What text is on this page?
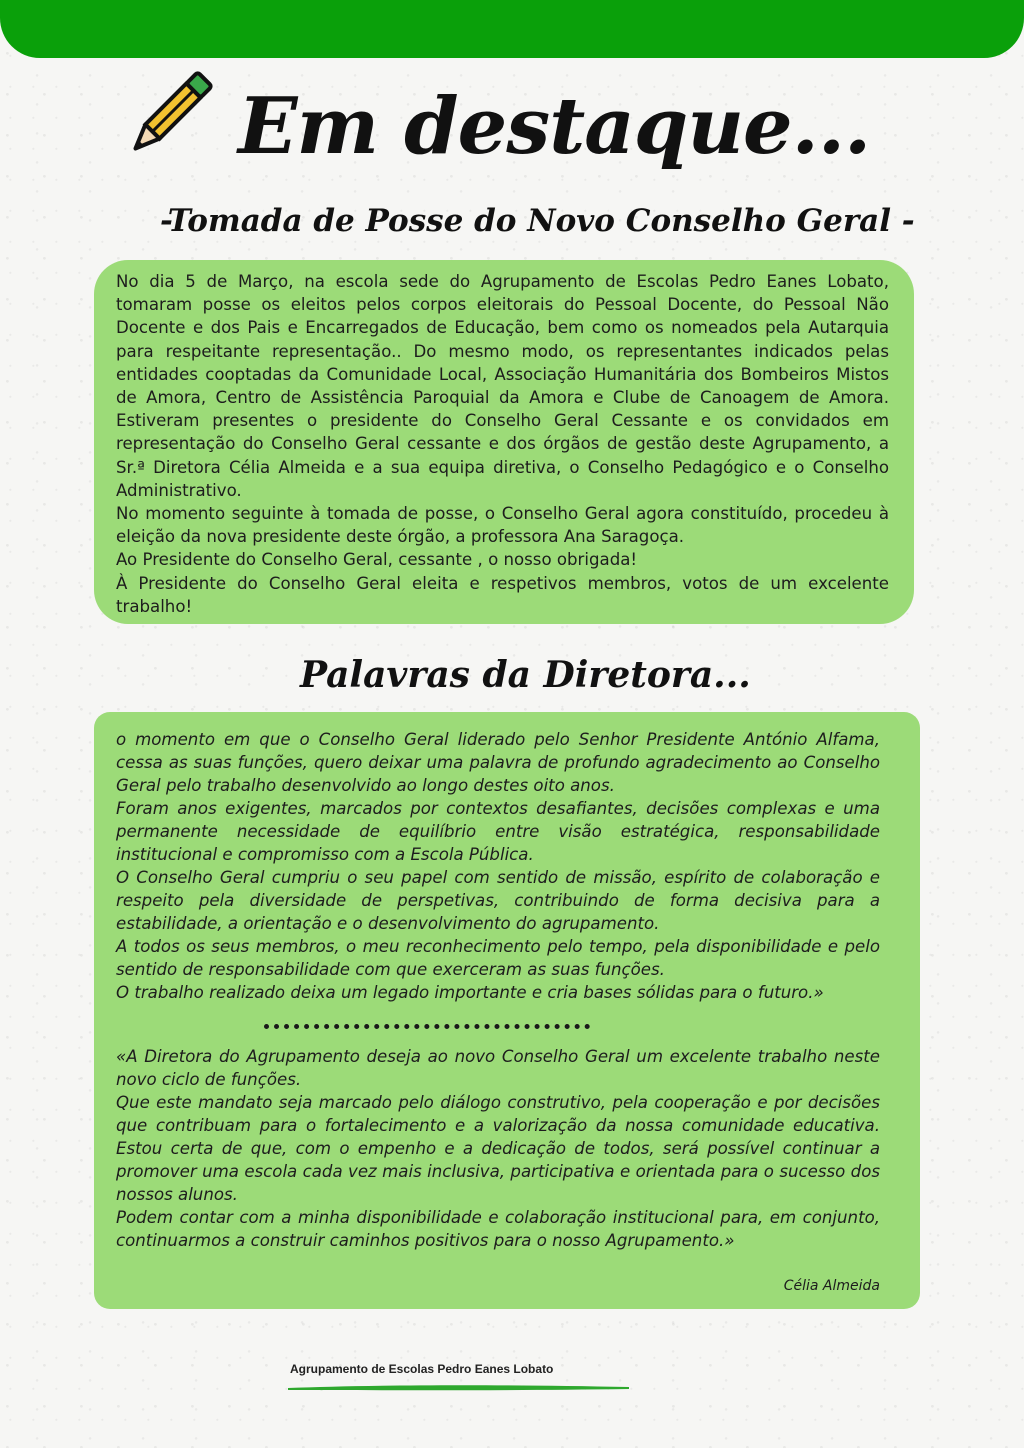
Em destaque...
-Tomada de Posse do Novo Conselho Geral -

No dia 5 de Março, na escola sede do Agrupamento de Escolas Pedro Eanes Lobato, tomaram posse os eleitos pelos corpos eleitorais do Pessoal Docente, do Pessoal Não Docente e dos Pais e Encarregados de Educação, bem como os nomeados pela Autarquia para respeitante representação.. Do mesmo modo, os representantes indicados pelas entidades cooptadas da Comunidade Local, Associação Humanitária dos Bombeiros Mistos de Amora, Centro de Assistência Paroquial da Amora e Clube de Canoagem de Amora. Estiveram presentes o presidente do Conselho Geral Cessante e os convidados em representação do Conselho Geral cessante e dos órgãos de gestão deste Agrupamento, a Sr.ª Diretora Célia Almeida e a sua equipa diretiva, o Conselho Pedagógico e o Conselho Administrativo.

No momento seguinte à tomada de posse, o Conselho Geral agora constituído, procedeu à eleição da nova presidente deste órgão, a professora Ana Saragoça.

Ao Presidente do Conselho Geral, cessante , o nosso obrigada!

À Presidente do Conselho Geral eleita e respetivos membros, votos de um excelente trabalho!

Palavras da Diretora...

o momento em que o Conselho Geral liderado pelo Senhor Presidente António Alfama, cessa as suas funções, quero deixar uma palavra de profundo agradecimento ao Conselho Geral pelo trabalho desenvolvido ao longo destes oito anos.

Foram anos exigentes, marcados por contextos desafiantes, decisões complexas e uma permanente necessidade de equilíbrio entre visão estratégica, responsabilidade institucional e compromisso com a Escola Pública.

O Conselho Geral cumpriu o seu papel com sentido de missão, espírito de colaboração e respeito pela diversidade de perspetivas, contribuindo de forma decisiva para a estabilidade, a orientação e o desenvolvimento do agrupamento.

A todos os seus membros, o meu reconhecimento pelo tempo, pela disponibilidade e pelo sentido de responsabilidade com que exerceram as suas funções.

O trabalho realizado deixa um legado importante e cria bases sólidas para o futuro.»

«A Diretora do Agrupamento deseja ao novo Conselho Geral um excelente trabalho neste novo ciclo de funções.

Que este mandato seja marcado pelo diálogo construtivo, pela cooperação e por decisões que contribuam para o fortalecimento e a valorização da nossa comunidade educativa. Estou certa de que, com o empenho e a dedicação de todos, será possível continuar a promover uma escola cada vez mais inclusiva, participativa e orientada para o sucesso dos nossos alunos.

Podem contar com a minha disponibilidade e colaboração institucional para, em conjunto, continuarmos a construir caminhos positivos para o nosso Agrupamento.»

Célia Almeida
Agrupamento de Escolas Pedro Eanes Lobato
